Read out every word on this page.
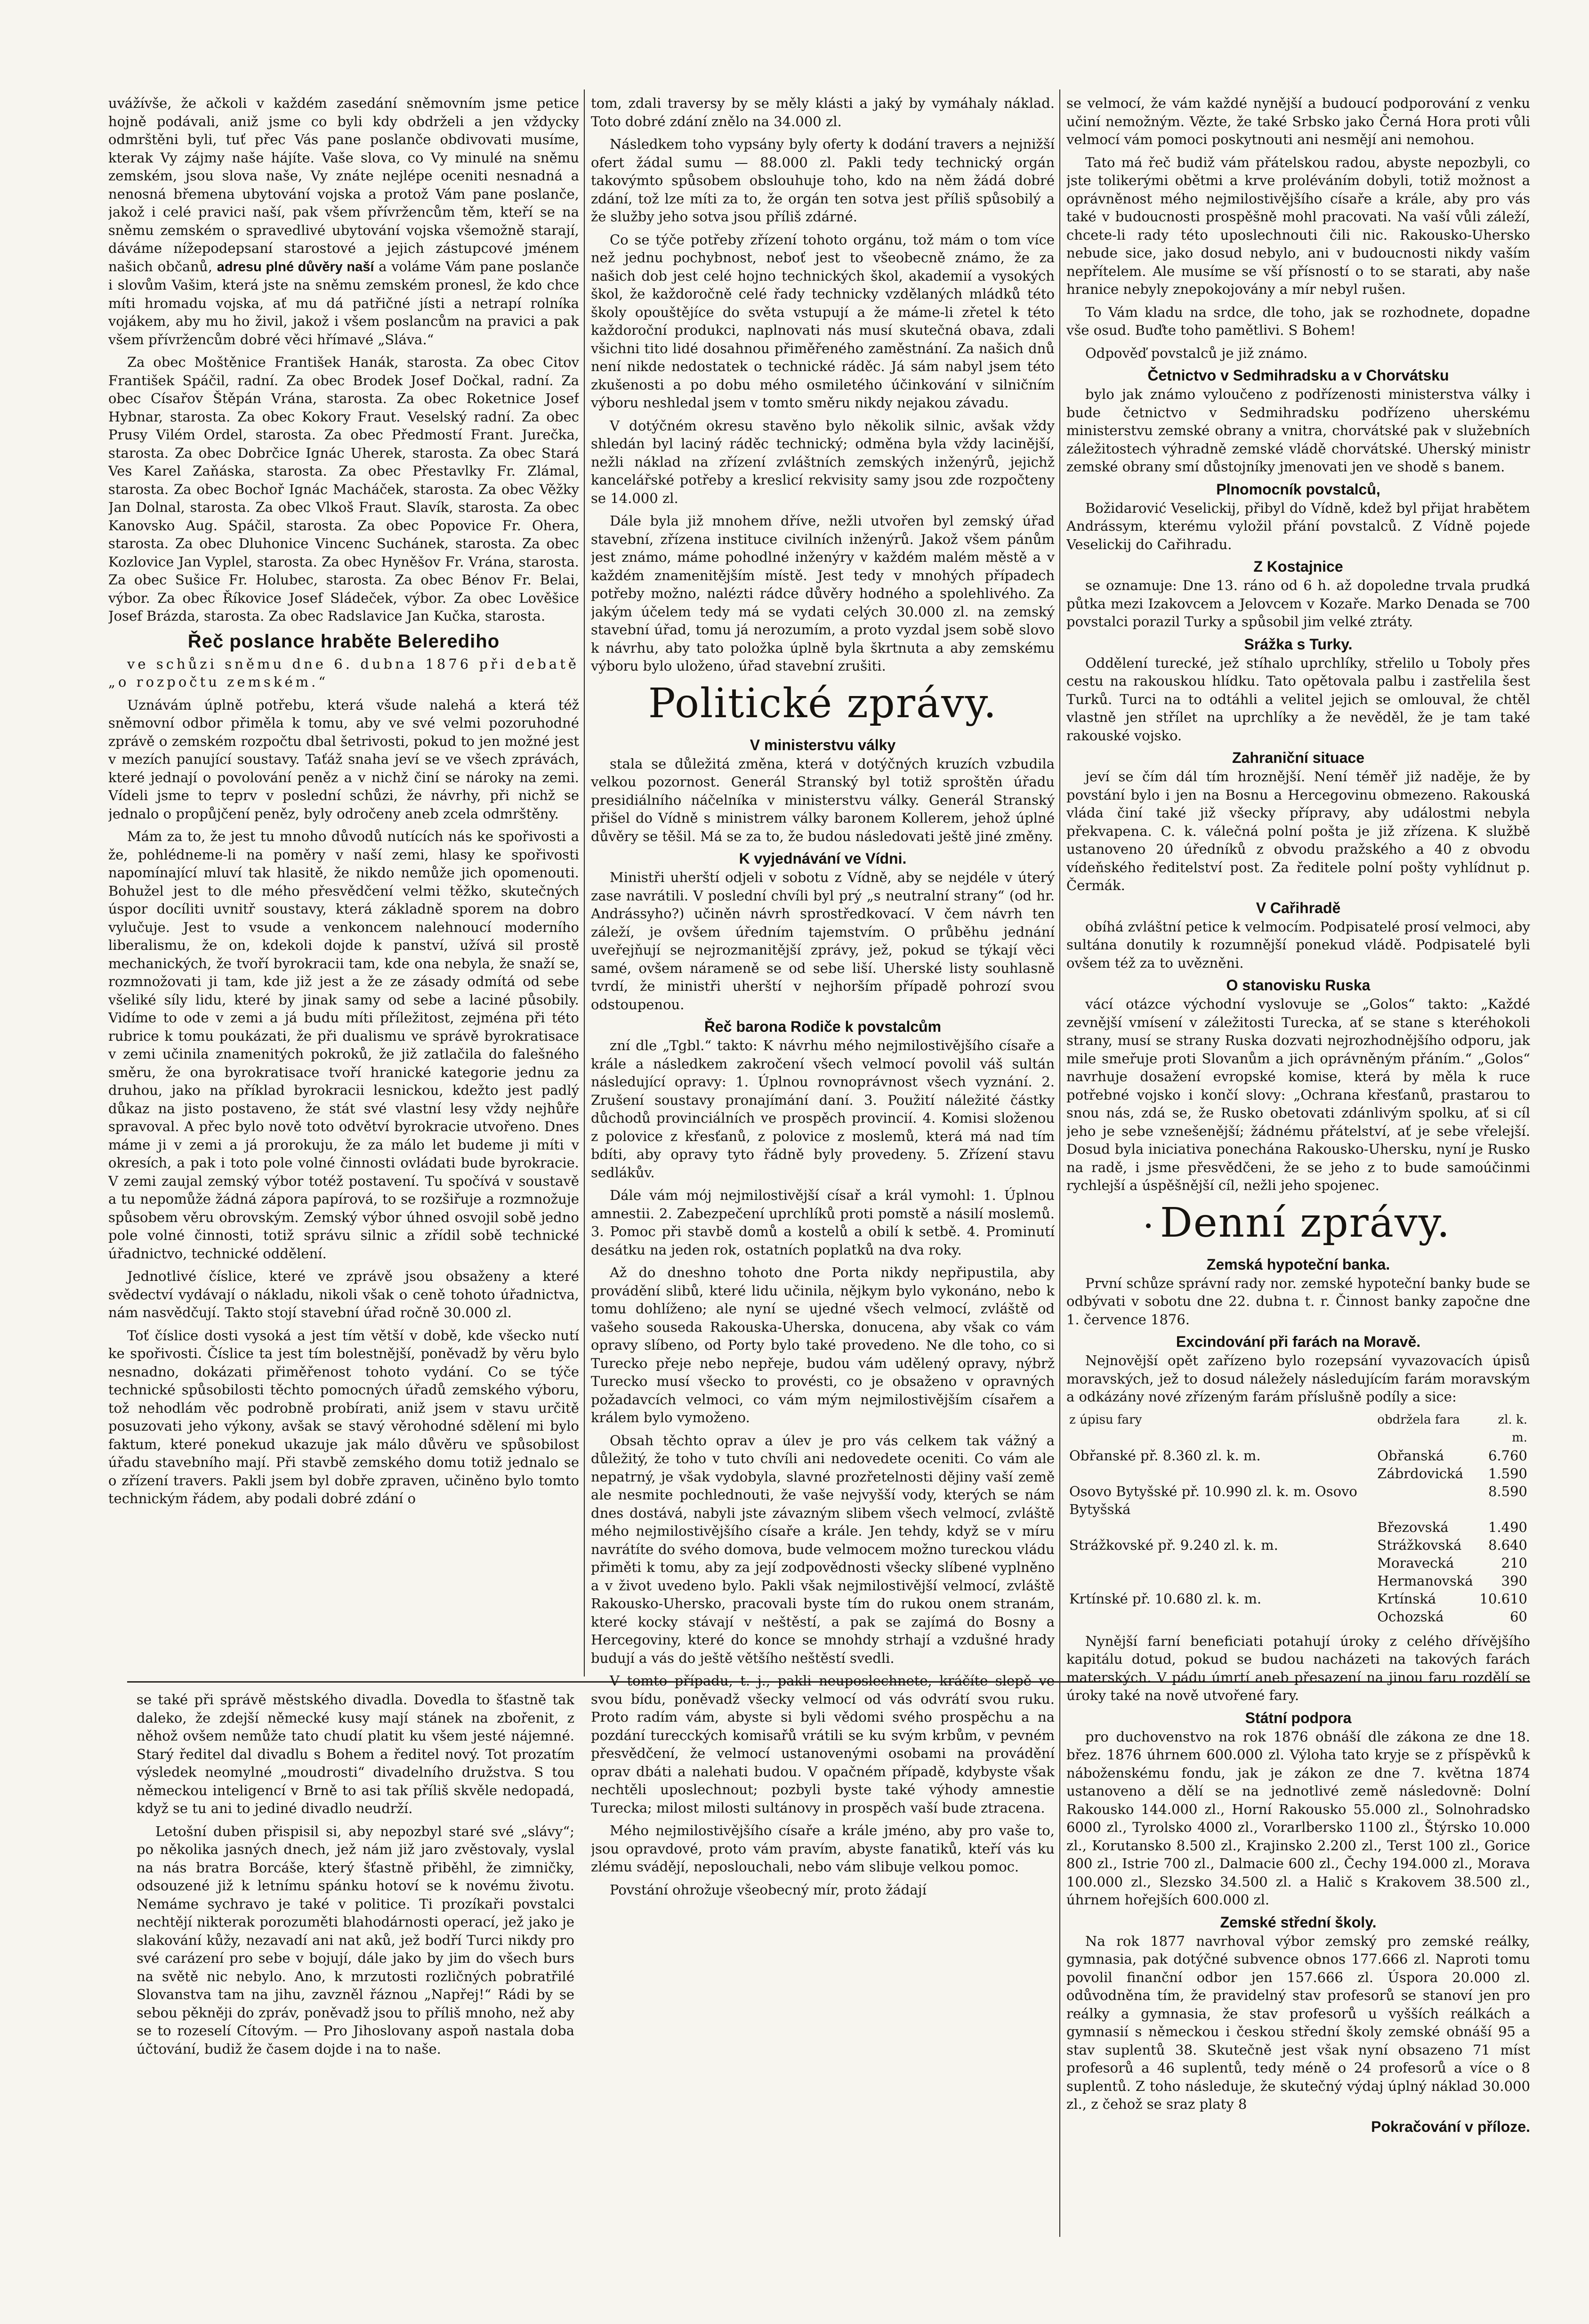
uvážívše, že ačkoli v každém zasedání sněmovním jsme petice hojně podávali, aniž jsme co byli kdy obdrželi a jen vždycky odmrštěni byli, tuť přec Vás pane poslanče obdivovati musíme, kterak Vy zájmy naše hájíte. Vaše slova, co Vy minulé na sněmu zemském, jsou slova naše, Vy znáte nejlépe oceniti nesnadná a nenosná břemena ubytování vojska a protož Vám pane poslanče, jakož i celé pravici naší, pak všem přívržencům těm, kteří se na sněmu zemském o spravedlivé ubytování vojska všemožně starají, dáváme nížepodepsaní starostové a jejich zástupcové jménem našich občanů, adresu plné důvěry naší a voláme Vám pane poslanče i slovům Vašim, která jste na sněmu zemském pronesl, že kdo chce míti hromadu vojska, ať mu dá patřičné jísti a netrapí rolníka vojákem, aby mu ho živil, jakož i všem poslancům na pravici a pak všem přívržencům dobré věci hřímavé „Sláva.“

Za obec Moštěnice František Hanák, starosta. Za obec Citov František Spáčil, radní. Za obec Brodek Josef Dočkal, radní. Za obec Císařov Štěpán Vrána, starosta. Za obec Roketnice Josef Hybnar, starosta. Za obec Kokory Fraut. Veselský radní. Za obec Prusy Vilém Ordel, starosta. Za obec Předmostí Frant. Jurečka, starosta. Za obec Dobrčice Ignác Uherek, starosta. Za obec Stará Ves Karel Zaňáska, starosta. Za obec Přestavlky Fr. Zlámal, starosta. Za obec Bochoř Ignác Macháček, starosta. Za obec Věžky Jan Dolnal, starosta. Za obec Vlkoš Fraut. Slavík, starosta. Za obec Kanovsko Aug. Spáčil, starosta. Za obec Popovice Fr. Ohera, starosta. Za obec Dluhonice Vincenc Suchánek, starosta. Za obec Kozlovice Jan Vyplel, starosta. Za obec Hyněšov Fr. Vrána, starosta. Za obec Sušice Fr. Holubec, starosta. Za obec Bénov Fr. Belai, výbor. Za obec Říkovice Josef Sládeček, výbor. Za obec Lověšice Josef Brázda, starosta. Za obec Radslavice Jan Kučka, starosta.

Řeč poslance hraběte Belerediho

ve schůzi sněmu dne 6. dubna 1876 při debatě „o rozpočtu zemském.“

Uznávám úplně potřebu, která všude nalehá a která též sněmovní odbor přiměla k tomu, aby ve své velmi pozoruhodné zprávě o zemském rozpočtu dbal šetrivosti, pokud to jen možné jest v mezích panující soustavy. Taťáž snaha jeví se ve všech zprávách, které jednají o povolování peněz a v nichž činí se nároky na zemi. Vídeli jsme to teprv v poslední schůzi, že návrhy, při nichž se jednalo o propůjčení peněz, byly odročeny aneb zcela odmrštěny.

Mám za to, že jest tu mnoho důvodů nutících nás ke spořivosti a že, pohlédneme-li na poměry v naší zemi, hlasy ke spořivosti napomínající mluví tak hlasitě, že nikdo nemůže jich opomenouti. Bohužel jest to dle mého přesvědčení velmi těžko, skutečných úspor docíliti uvnitř soustavy, která základně sporem na dobro vylučuje. Jest to vsude a venkoncem nalehnoucí moderního liberalismu, že on, kdekoli dojde k panství, užívá sil prostě mechanických, že tvoří byrokracii tam, kde ona nebyla, že snaží se, rozmnožovati ji tam, kde již jest a že ze zásady odmítá od sebe všeliké síly lidu, které by jinak samy od sebe a laciné působily. Vidíme to ode v zemi a já budu míti příležitost, zejména při této rubrice k tomu poukázati, že při dualismu ve správě byrokratisace v zemi učinila znamenitých pokroků, že již zatlačila do falešného směru, že ona byrokratisace tvoří hranické kategorie jednu za druhou, jako na příklad byrokracii lesnickou, kdežto jest padlý důkaz na jisto postaveno, že stát své vlastní lesy vždy nejhůře spravoval. A přec bylo nově toto odvětví byrokracie utvořeno. Dnes máme ji v zemi a já prorokuju, že za málo let budeme ji míti v okresích, a pak i toto pole volné činnosti ovládati bude byrokracie. V zemi zaujal zemský výbor totéž postavení. Tu spočívá v soustavě a tu nepomůže žádná zápora papírová, to se rozšiřuje a rozmnožuje spůsobem věru obrovským. Zemský výbor úhned osvojil sobě jedno pole volné činnosti, totiž správu silnic a zřídil sobě technické úřadnictvo, technické oddělení.

Jednotlivé číslice, které ve zprávě jsou obsaženy a které svědectví vydávají o nákladu, nikoli však o ceně tohoto úřadnictva, nám nasvědčují. Takto stojí stavební úřad ročně 30.000 zl.

Toť číslice dosti vysoká a jest tím větší v době, kde všecko nutí ke spořivosti. Číslice ta jest tím bolestnější, poněvadž by věru bylo nesnadno, dokázati přiměřenost tohoto vydání. Co se týče technické spůsobilosti těchto pomocných úřadů zemského výboru, tož nehodlám věc podrobně probírati, aniž jsem v stavu určitě posuzovati jeho výkony, avšak se stavý věrohodné sdělení mi bylo faktum, které ponekud ukazuje jak málo důvěru ve spůsobilost úřadu stavebního mají. Při stavbě zemského domu totiž jednalo se o zřízení travers. Pakli jsem byl dobře zpraven, učiněno bylo tomto technickým řádem, aby podali dobré zdání o

se také při správě městského divadla. Dovedla to šťastně tak daleko, že zdejší německé kusy mají stánek na zbořenit, z něhož ovšem nemůže tato chudí platit ku všem jesté nájemné. Starý ředitel dal divadlu s Bohem a ředitel nový. Tot prozatím výsledek neomylné „moudrosti“ divadelního družstva. S tou německou inteligencí v Brně to asi tak příliš skvěle nedopadá, když se tu ani to jediné divadlo neudrží.

Letošní duben přispisil si, aby nepozbyl staré své „slávy“; po několika jasných dnech, jež nám již jaro zvěstovaly, vyslal na nás bratra Borcáše, který šťastně přiběhl, že zimničky, odsouzené již k letnímu spánku hotoví se k novému životu. Nemáme sychravo je také v politice. Ti prozíkaři povstalci nechtějí nikterak porozuměti blahodárnosti operací, jež jako je slakování kůžy, nezavadí ani nat aků, jež bodří Turci nikdy pro své carázení pro sebe v bojují, dále jako by jim do všech burs na světě nic nebylo. Ano, k mrzutosti rozličných pobratřilé Slovanstva tam na jihu, zavzněl řáznou „Napřej!“ Rádi by se sebou pěkněji do zpráv, poněvadž jsou to příliš mnoho, než aby se to rozeselí Cítovým. — Pro Jihoslovany aspoň nastala doba účtování, budiž že časem dojde i na to naše.

tom, zdali traversy by se měly klásti a jaký by vymáhaly náklad. Toto dobré zdání znělo na 34.000 zl.

Následkem toho vypsány byly oferty k dodání travers a nejnižší ofert žádal sumu — 88.000 zl. Pakli tedy technický orgán takovýmto spůsobem obslouhuje toho, kdo na něm žádá dobré zdání, tož lze míti za to, že orgán ten sotva jest příliš spůsobilý a že služby jeho sotva jsou příliš zdárné.

Co se týče potřeby zřízení tohoto orgánu, tož mám o tom více než jednu pochybnost, neboť jest to všeobecně známo, že za našich dob jest celé hojno technických škol, akademií a vysokých škol, že každoročně celé řady technicky vzdělaných mládků této školy opouštějíce do světa vstupují a že máme-li zřetel k této každoroční produkci, naplnovati nás musí skutečná obava, zdali všichni tito lidé dosahnou přiměřeného zaměstnání. Za našich dnů není nikde nedostatek o technické ráděc. Já sám nabyl jsem této zkušenosti a po dobu mého osmiletého účinkování v silničním výboru neshledal jsem v tomto směru nikdy nejakou závadu.

V dotýčném okresu stavěno bylo několik silnic, avšak vždy shledán byl laciný ráděc technický; odměna byla vždy lacinější, nežli náklad na zřízení zvláštních zemských inženýrů, jejichž kancelářské potřeby a kreslicí rekvisity samy jsou zde rozpočteny se 14.000 zl.

Dále byla již mnohem dříve, nežli utvořen byl zemský úřad stavební, zřízena instituce civilních inženýrů. Jakož všem pánům jest známo, máme pohodlné inženýry v každém malém městě a v každém znamenitějším místě. Jest tedy v mnohých případech potřeby možno, nalézti rádce důvěry hodného a spolehlivého. Za jakým účelem tedy má se vydati celých 30.000 zl. na zemský stavební úřad, tomu já nerozumím, a proto vyzdal jsem sobě slovo k návrhu, aby tato položka úplně byla škrtnuta a aby zemskému výboru bylo uloženo, úřad stavební zrušiti.

Politické zprávy.
V ministerstvu války

stala se důležitá změna, která v dotýčných kruzích vzbudila velkou pozornost. Generál Stranský byl totiž sproštěn úřadu presidiálního náčelníka v ministerstvu války. Generál Stranský přišel do Vídně s ministrem války baronem Kollerem, jehož úplné důvěry se těšil. Má se za to, že budou následovati ještě jiné změny.

K vyjednávání ve Vídni.

Ministři uherští odjeli v sobotu z Vídně, aby se nejdéle v úterý zase navrátili. V poslední chvíli byl prý „s neutralní strany“ (od hr. Andrássyho?) učiněn návrh sprostředkovací. V čem návrh ten záleží, je ovšem úředním tajemstvím. O průběhu jednání uveřejňují se nejrozmanitější zprávy, jež, pokud se týkají věci samé, ovšem nárameně se od sebe liší. Uherské listy souhlasně tvrdí, že ministři uherští v nejhorším případě pohrozí svou odstoupenou.

Řeč barona Rodiče k povstalcům

zní dle „Tgbl.“ takto: K návrhu mého nejmilostivějšího císaře a krále a následkem zakročení všech velmocí povolil váš sultán následující opravy: 1. Úplnou rovnoprávnost všech vyznání. 2. Zrušení soustavy pronajímání daní. 3. Použití náležité částky důchodů provinciálních ve prospěch provincií. 4. Komisi složenou z polovice z křesťanů, z polovice z moslemů, která má nad tím bdíti, aby opravy tyto řádně byly provedeny. 5. Zřízení stavu sedlákův.

Dále vám mój nejmilostivější císař a král vymohl: 1. Úplnou amnestii. 2. Zabezpečení uprchlíků proti pomstě a násilí moslemů. 3. Pomoc při stavbě domů a kostelů a obilí k setbě. 4. Prominutí desátku na jeden rok, ostatních poplatků na dva roky.

Až do dneshno tohoto dne Porta nikdy nepřipustila, aby provádění slibů, které lidu učinila, nějkym bylo vykonáno, nebo k tomu dohlíženo; ale nyní se ujedné všech velmocí, zvláště od vašeho souseda Rakouska-Uherska, donucena, aby však co vám opravy slíbeno, od Porty bylo také provedeno. Ne dle toho, co si Turecko přeje nebo nepřeje, budou vám udělený opravy, nýbrž Turecko musí všecko to provésti, co je obsaženo v opravných požadavcích velmoci, co vám mým nejmilostivějším císařem a králem bylo vymoženo.

Obsah těchto oprav a úlev je pro vás celkem tak vážný a důležitý, že toho v tuto chvíli ani nedovedete oceniti. Co vám ale nepatrný, je však vydobyla, slavné prozřetelnosti dějiny vaší země ale nesmite pochlednouti, že vaše nejvyšší vody, kterých se nám dnes dostává, nabyli jste závazným slibem všech velmocí, zvláště mého nejmilostivějšího císaře a krále. Jen tehdy, když se v míru navrátíte do svého domova, bude velmocem možno tureckou vládu přiměti k tomu, aby za její zodpovědnosti všecky slíbené vyplněno a v život uvedeno bylo. Pakli však nejmilostivější velmocí, zvláště Rakousko-Uhersko, pracovali byste tím do rukou onem stranám, které kocky stávají v neštěstí, a pak se zajímá do Bosny a Hercegoviny, které do konce se mnohdy strhají a vzdušné hrady budují a vás do ještě většího neštěstí svedli.

V tomto případu, t. j., pakli neuposlechnete, kráčíte slepě ve svou bídu, poněvadž všecky velmocí od vás odvrátí svou ruku. Proto radím vám, abyste si byli vědomi svého prospěchu a na pozdání turecckých komisařů vrátili se ku svým krbům, v pevném přesvědčení, že velmocí ustanovenými osobami na provádění oprav dbáti a nalehati budou. V opačném případě, kdybyste však nechtěli uposlechnout; pozbyli byste také výhody amnestie Turecka; milost milosti sultánovy in prospěch vaší bude ztracena.

Mého nejmilostivějšího císaře a krále jméno, aby pro vaše to, jsou opravdové, proto vám pravím, abyste fanatiků, kteří vás ku zlému svádějí, neposlouchali, nebo vám slibuje velkou pomoc.

Povstání ohrožuje všeobecný mír, proto žádají

se velmocí, že vám každé nynější a budoucí podporování z venku učiní nemožným. Vězte, že také Srbsko jako Černá Hora proti vůli velmocí vám pomoci poskytnouti ani nesmějí ani nemohou.

Tato má řeč budiž vám přátelskou radou, abyste nepozbyli, co jste tolikerými obětmi a krve proléváním dobyli, totiž možnost a oprávněnost mého nejmilostivějšího císaře a krále, aby pro vás také v budoucnosti prospěšně mohl pracovati. Na vaší vůli záleží, chcete-li rady této uposlechnouti čili nic. Rakousko-Uhersko nebude sice, jako dosud nebylo, ani v budoucnosti nikdy vaším nepřítelem. Ale musíme se vší přísností o to se starati, aby naše hranice nebyly znepokojovány a mír nebyl rušen.

To Vám kladu na srdce, dle toho, jak se rozhodnete, dopadne vše osud. Buďte toho pamětlivi. S Bohem!

Odpověď povstalců je již známo.

Četnictvo v Sedmihradsku a v Chorvátsku

bylo jak známo vyloučeno z podřízenosti ministerstva války i bude četnictvo v Sedmihradsku podřízeno uherskému ministerstvu zemské obrany a vnitra, chorvátské pak v služebních záležitostech výhradně zemské vládě chorvátské. Uherský ministr zemské obrany smí důstojníky jmenovati jen ve shodě s banem.

Plnomocník povstalců,

Božidarović Veselickij, přibyl do Vídně, kdež byl přijat hrabětem Andrássym, kterému vyložil přání povstalců. Z Vídně pojede Veselickij do Cařihradu.

Z Kostajnice

se oznamuje: Dne 13. ráno od 6 h. až dopoledne trvala prudká půtka mezi Izakovcem a Jelovcem v Kozaře. Marko Denada se 700 povstalci porazil Turky a spůsobil jim velké ztráty.

Srážka s Turky.

Oddělení turecké, jež stíhalo uprchlíky, střelilo u Toboly přes cestu na rakouskou hlídku. Tato opětovala palbu i zastřelila šest Turků. Turci na to odtáhli a velitel jejich se omlouval, že chtěl vlastně jen střílet na uprchlíky a že nevěděl, že je tam také rakouské vojsko.

Zahraniční situace

jeví se čím dál tím hroznější. Není téměř již naděje, že by povstání bylo i jen na Bosnu a Hercegovinu obmezeno. Rakouská vláda činí také již všecky přípravy, aby událostmi nebyla překvapena. C. k. válečná polní pošta je již zřízena. K službě ustanoveno 20 úředníků z obvodu pražského a 40 z obvodu vídeňského ředitelství post. Za ředitele polní pošty vyhlídnut p. Čermák.

V Cařihradě

obíhá zvláštní petice k velmocím. Podpisatelé prosí velmoci, aby sultána donutily k rozumnější ponekud vládě. Podpisatelé byli ovšem též za to uvězněni.

O stanovisku Ruska

vácí otázce východní vyslovuje se „Golos“ takto: „Každé zevnější vmísení v záležitosti Turecka, ať se stane s kteréhokoli strany, musí se strany Ruska dozvati nejrozhodnějšího odporu, jak mile smeřuje proti Slovanům a jich oprávněným přáním.“ „Golos“ navrhuje dosažení evropské komise, která by měla k ruce potřebné vojsko i končí slovy: „Ochrana křesťanů, prastarou to snou nás, zdá se, že Rusko obetovati zdánlivým spolku, ať si cíl jeho je sebe vznešenější; žádnému přátelství, ať je sebe vřelejší. Dosud byla iniciativa ponechána Rakousko-Uhersku, nyní je Rusko na radě, i jsme přesvědčeni, že se jeho z to bude samoúčinmi rychlejší a úspěšnější cíl, nežli jeho spojenec.

Denní zprávy.
Zemská hypoteční banka.

První schůze správní rady nor. zemské hypoteční banky bude se odbývati v sobotu dne 22. dubna t. r. Činnost banky započne dne 1. července 1876.

Excindování při farách na Moravě.

Nejnovější opět zařízeno bylo rozepsání vyvazovacích úpisů moravských, jež to dosud náležely následujícím farám moravským a odkázány nové zřízeným farám příslušně podíly a sice:

z úpisu fary	obdržela fara	zl. k. m.
Obřanské př. 8.360 zl. k. m.	Obřanská	6.760
	Zábrdovická	1.590
Osovo Bytyšské př. 10.990 zl. k. m. Osovo Bytyšská		8.590
	Březovská	1.490
Strážkovské př. 9.240 zl. k. m.	Strážkovská	8.640
	Moravecká	210
	Hermanovská	390
Krtínské př. 10.680 zl. k. m.	Krtínská	10.610
	Ochozská	60

Nynější farní beneficiati potahují úroky z celého dřívějšího kapitálu dotud, pokud se budou nacházeti na takových farách materských. V pádu úmrtí aneb přesazení na jinou faru rozdělí se úroky také na nově utvořené fary.

Státní podpora

pro duchovenstvo na rok 1876 obnáší dle zákona ze dne 18. břez. 1876 úhrnem 600.000 zl. Výloha tato kryje se z příspěvků k náboženskému fondu, jak je zákon ze dne 7. května 1874 ustanoveno a dělí se na jednotlivé země následovně: Dolní Rakousko 144.000 zl., Horní Rakousko 55.000 zl., Solnohradsko 6000 zl., Tyrolsko 4000 zl., Vorarlbersko 1100 zl., Štýrsko 10.000 zl., Korutansko 8.500 zl., Krajinsko 2.200 zl., Terst 100 zl., Gorice 800 zl., Istrie 700 zl., Dalmacie 600 zl., Čechy 194.000 zl., Morava 100.000 zl., Slezsko 34.500 zl. a Halič s Krakovem 38.500 zl., úhrnem hořejších 600.000 zl.

Zemské střední školy.

Na rok 1877 navrhoval výbor zemský pro zemské reálky, gymnasia, pak dotýčné subvence obnos 177.666 zl. Naproti tomu povolil finanční odbor jen 157.666 zl. Úspora 20.000 zl. odůvodněna tím, že pravidelný stav profesorů se stanoví jen pro reálky a gymnasia, že stav profesorů u vyšších reálkách a gymnasií s německou i českou střední školy zemské obnáší 95 a stav suplentů 38. Skutečně jest však nyní obsazeno 71 míst profesorů a 46 suplentů, tedy méně o 24 profesorů a více o 8 suplentů. Z toho následuje, že skutečný výdaj úplný náklad 30.000 zl., z čehož se sraz platy 8

Pokračování v příloze.
